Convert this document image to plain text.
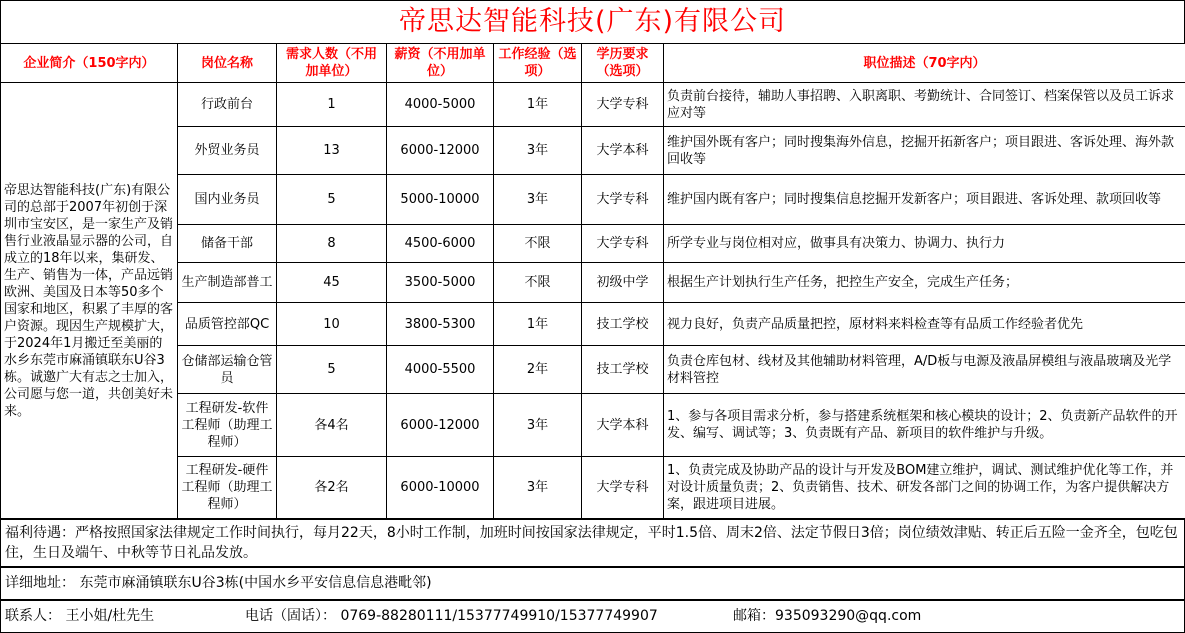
帝思达智能科技(广东)有限公司
企业简介（150字内）	岗位名称	需求人数（不用加单位）	薪资（不用加单位）	工作经验（选项）	学历要求（选项）	职位描述（70字内）
帝思达智能科技(广东)有限公司的总部于2007年初创于深圳市宝安区，是一家生产及销售行业液晶显示器的公司，自成立的18年以来，集研发、生产、销售为一体，产品远销欧洲、美国及日本等50多个国家和地区，积累了丰厚的客户资源。现因生产规模扩大，于2024年1月搬迁至美丽的水乡东莞市麻涌镇联东U谷3栋。诚邀广大有志之士加入，公司愿与您一道，共创美好未来。	行政前台	1	4000-5000	1年	大学专科	负责前台接待，辅助人事招聘、入职离职、考勤统计、合同签订、档案保管以及员工诉求应对等
	外贸业务员	13	6000-12000	3年	大学本科	维护国外既有客户；同时搜集海外信息，挖掘开拓新客户；项目跟进、客诉处理、海外款回收等
	国内业务员	5	5000-10000	3年	大学专科	维护国内既有客户；同时搜集信息挖掘开发新客户；项目跟进、客诉处理、款项回收等
	储备干部	8	4500-6000	不限	大学专科	所学专业与岗位相对应，做事具有决策力、协调力、执行力
	生产制造部普工	45	3500-5000	不限	初级中学	根据生产计划执行生产任务，把控生产安全，完成生产任务；
	品质管控部QC	10	3800-5300	1年	技工学校	视力良好，负责产品质量把控，原材料来料检查等有品质工作经验者优先
	仓储部运输仓管员	5	4000-5500	2年	技工学校	负责仓库包材、线材及其他辅助材料管理，A/D板与电源及液晶屏模组与液晶玻璃及光学材料管控
	工程研发-软件工程师（助理工程师）	各4名	6000-12000	3年	大学本科	1、参与各项目需求分析，参与搭建系统框架和核心模块的设计；2、负责新产品软件的开发、编写、调试等；3、负责既有产品、新项目的软件维护与升级。
	工程研发-硬件工程师（助理工程师）	各2名	6000-10000	3年	大学专科	1、负责完成及协助产品的设计与开发及BOM建立维护，调试、测试维护优化等工作，并对设计质量负责；2、负责销售、技术、研发各部门之间的协调工作，为客户提供解决方案，跟进项目进展。
福利待遇：严格按照国家法律规定工作时间执行，每月22天，8小时工作制，加班时间按国家法律规定，平时1.5倍、周末2倍、法定节假日3倍；岗位绩效津贴、转正后五险一金齐全，包吃包住，生日及端午、中秋等节日礼品发放。
详细地址： 东莞市麻涌镇联东U谷3栋(中国水乡平安信息信息港毗邻)
联系人： 王小姐/杜先生	电话（固话）： 0769-88280111/15377749910/15377749907	邮箱：935093290@qq.com
